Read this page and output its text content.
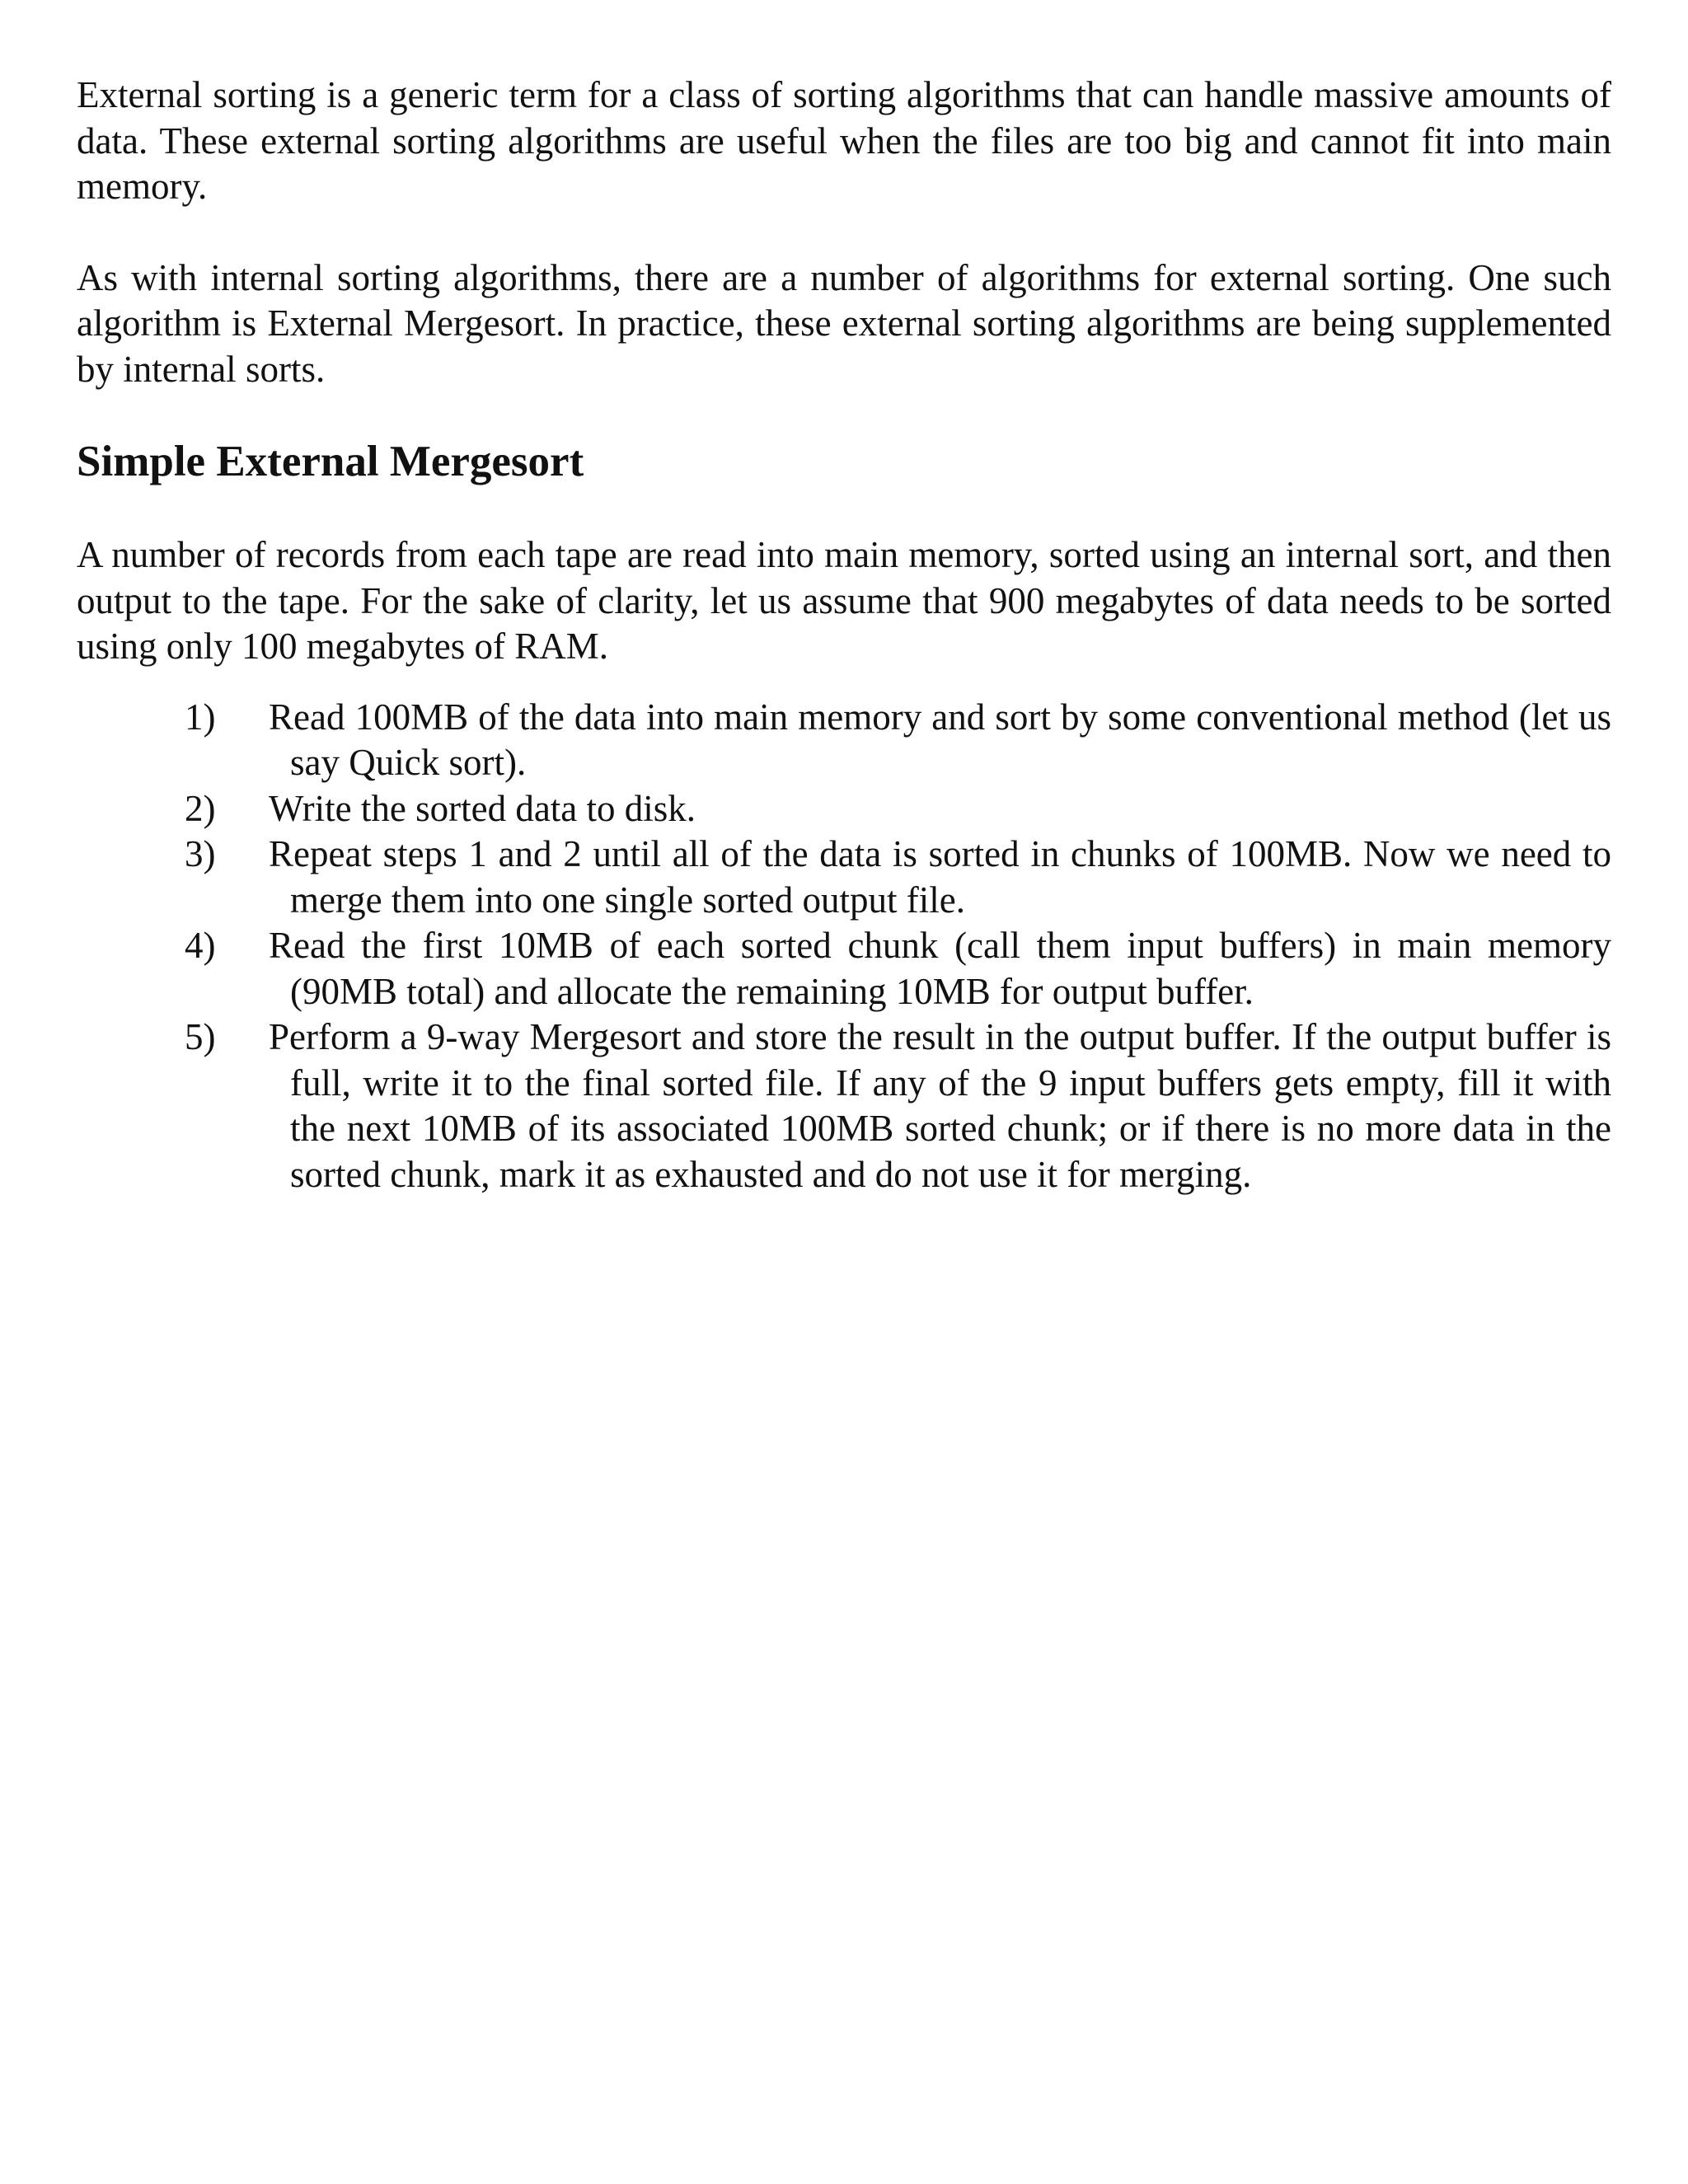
External sorting is a generic term for a class of sorting algorithms that can handle massive amounts of data. These external sorting algorithms are useful when the files are too big and cannot fit into main memory.

As with internal sorting algorithms, there are a number of algorithms for external sorting. One such algorithm is External Mergesort. In practice, these external sorting algorithms are being supplemented by internal sorts.

Simple External Mergesort

A number of records from each tape are read into main memory, sorted using an internal sort, and then output to the tape. For the sake of clarity, let us assume that 900 megabytes of data needs to be sorted using only 100 megabytes of RAM.

1) Read 100MB of the data into main memory and sort by some conventional method (let us say Quick sort).
2) Write the sorted data to disk.
3) Repeat steps 1 and 2 until all of the data is sorted in chunks of 100MB. Now we need to merge them into one single sorted output file.
4) Read the first 10MB of each sorted chunk (call them input buffers) in main memory (90MB total) and allocate the remaining 10MB for output buffer.
5) Perform a 9-way Mergesort and store the result in the output buffer. If the output buffer is full, write it to the final sorted file. If any of the 9 input buffers gets empty, fill it with the next 10MB of its associated 100MB sorted chunk; or if there is no more data in the sorted chunk, mark it as exhausted and do not use it for merging.
